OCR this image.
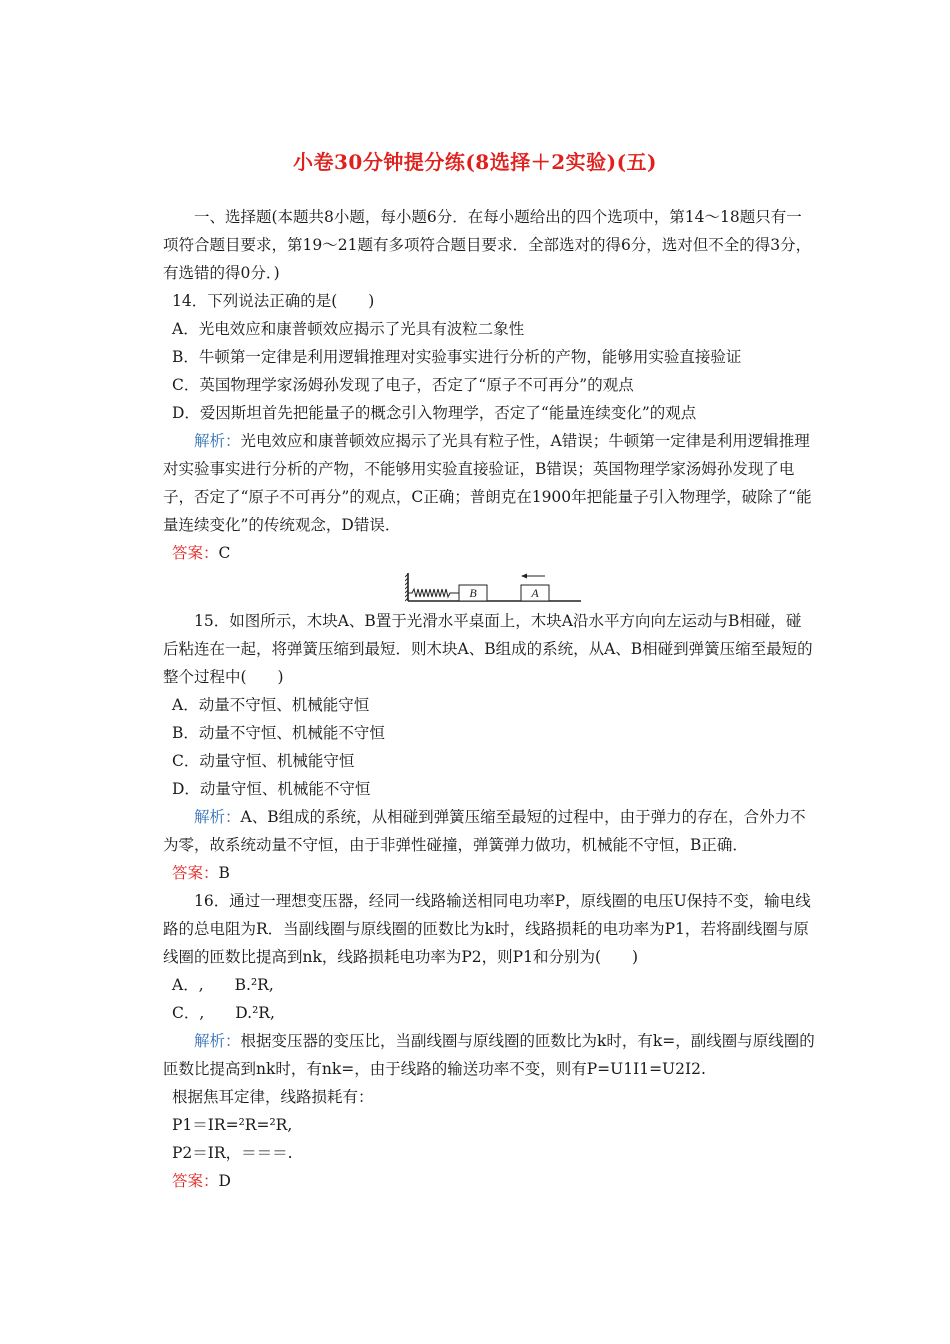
小卷30分钟提分练(8选择＋2实验)(五)

一、选择题(本题共8小题，每小题6分．在每小题给出的四个选项中，第14～18题只有一项符合题目要求，第19～21题有多项符合题目要求．全部选对的得6分，选对但不全的得3分，有选错的得0分．)

14．下列说法正确的是(　　)

A．光电效应和康普顿效应揭示了光具有波粒二象性

B．牛顿第一定律是利用逻辑推理对实验事实进行分析的产物，能够用实验直接验证

C．英国物理学家汤姆孙发现了电子，否定了“原子不可再分”的观点

D．爱因斯坦首先把能量子的概念引入物理学，否定了“能量连续变化”的观点

解析：光电效应和康普顿效应揭示了光具有粒子性，A错误；牛顿第一定律是利用逻辑推理对实验事实进行分析的产物，不能够用实验直接验证，B错误；英国物理学家汤姆孙发现了电子，否定了“原子不可再分”的观点，C正确；普朗克在1900年把能量子引入物理学，破除了“能量连续变化”的传统观念，D错误．

答案：C

B	A

15．如图所示，木块A、B置于光滑水平桌面上，木块A沿水平方向向左运动与B相碰，碰后粘连在一起，将弹簧压缩到最短．则木块A、B组成的系统，从A、B相碰到弹簧压缩至最短的整个过程中(　　)

A．动量不守恒、机械能守恒

B．动量不守恒、机械能不守恒

C．动量守恒、机械能守恒

D．动量守恒、机械能不守恒

解析：A、B组成的系统，从相碰到弹簧压缩至最短的过程中，由于弹力的存在，合外力不为零，故系统动量不守恒，由于非弹性碰撞，弹簧弹力做功，机械能不守恒，B正确．

答案：B

16．通过一理想变压器，经同一线路输送相同电功率P，原线圈的电压U保持不变，输电线路的总电阻为R．当副线圈与原线圈的匝数比为k时，线路损耗的电功率为P1，若将副线圈与原线圈的匝数比提高到nk，线路损耗电功率为P2，则P1和分别为(　　)

A．,　　B.²R,

C．,　　D.²R,

解析：根据变压器的变压比，当副线圈与原线圈的匝数比为k时，有k=，副线圈与原线圈的匝数比提高到nk时，有nk=，由于线路的输送功率不变，则有P=U1I1=U2I2.

根据焦耳定律，线路损耗有：

P1＝IR=²R=²R,

P2＝IR，＝＝＝.

答案：D
